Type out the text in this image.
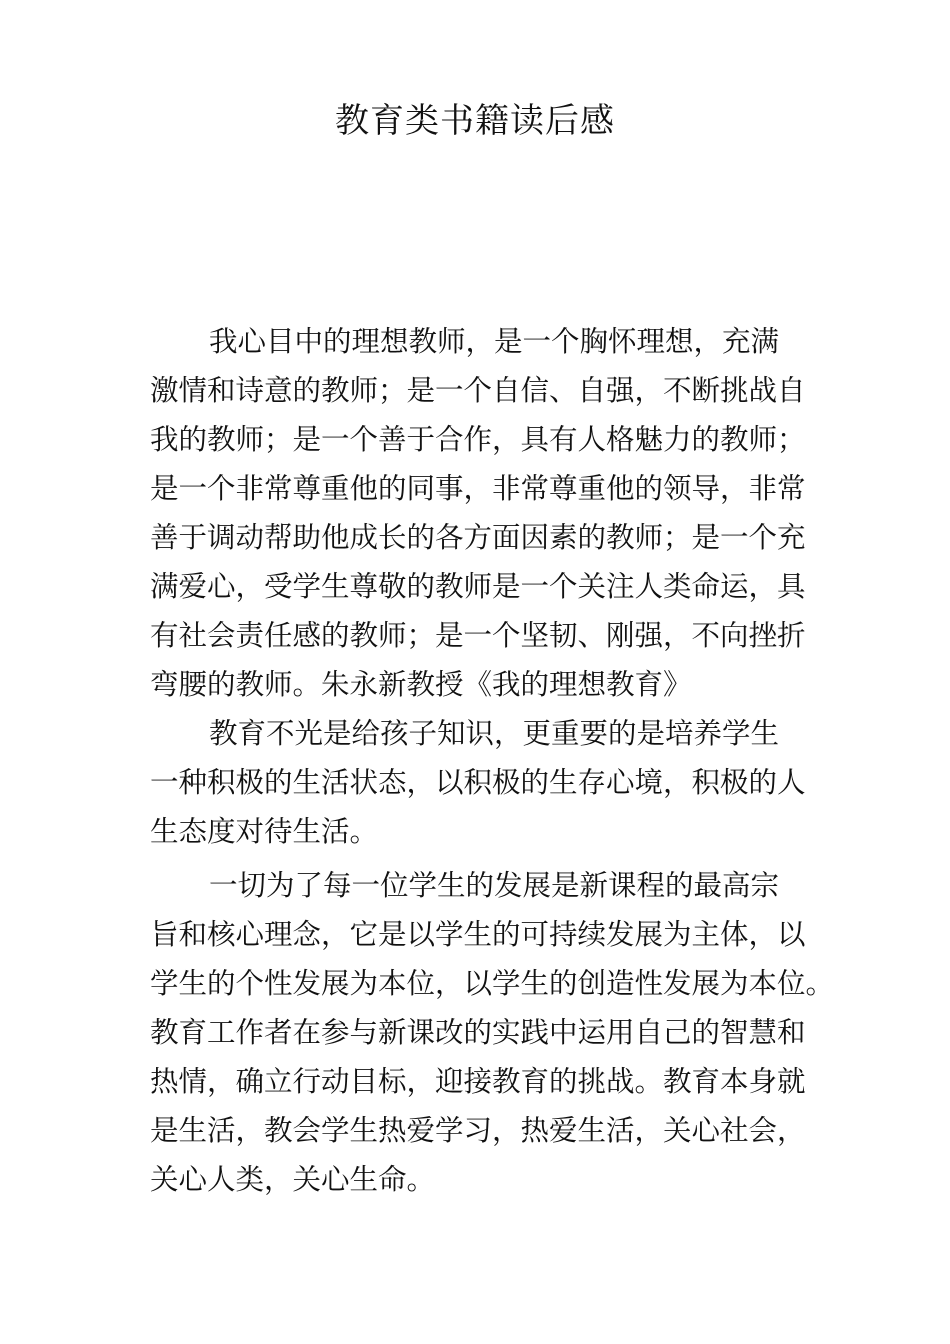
教育类书籍读后感

我心目中的理想教师，是一个胸怀理想，充满

激情和诗意的教师；是一个自信、自强，不断挑战自

我的教师；是一个善于合作，具有人格魅力的教师；

是一个非常尊重他的同事，非常尊重他的领导，非常

善于调动帮助他成长的各方面因素的教师；是一个充

满爱心，受学生尊敬的教师是一个关注人类命运，具

有社会责任感的教师；是一个坚韧、刚强，不向挫折

弯腰的教师。朱永新教授《我的理想教育》

教育不光是给孩子知识，更重要的是培养学生

一种积极的生活状态，以积极的生存心境，积极的人

生态度对待生活。

一切为了每一位学生的发展是新课程的最高宗

旨和核心理念，它是以学生的可持续发展为主体，以

学生的个性发展为本位，以学生的创造性发展为本位。

教育工作者在参与新课改的实践中运用自己的智慧和

热情，确立行动目标，迎接教育的挑战。教育本身就

是生活，教会学生热爱学习，热爱生活，关心社会，

关心人类，关心生命。
